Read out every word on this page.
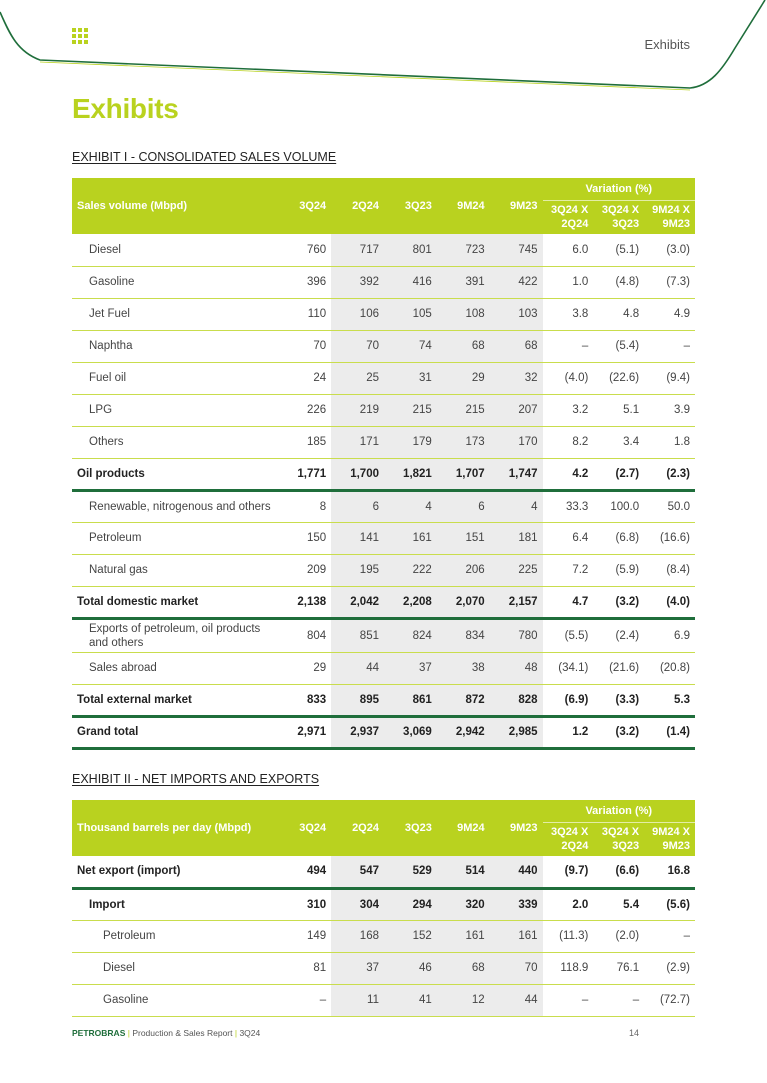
Exhibits
Exhibits
EXHIBIT I - CONSOLIDATED SALES VOLUME
Sales volume (Mbpd)	3Q24	2Q24	3Q23	9M24	9M23	Variation (%)		
						3Q24 X 2Q24	3Q24 X 3Q23	9M24 X 9M23
Diesel	760	717	801	723	745	6.0	(5.1)	(3.0)
Gasoline	396	392	416	391	422	1.0	(4.8)	(7.3)
Jet Fuel	110	106	105	108	103	3.8	4.8	4.9
Naphtha	70	70	74	68	68	–	(5.4)	–
Fuel oil	24	25	31	29	32	(4.0)	(22.6)	(9.4)
LPG	226	219	215	215	207	3.2	5.1	3.9
Others	185	171	179	173	170	8.2	3.4	1.8
Oil products	1,771	1,700	1,821	1,707	1,747	4.2	(2.7)	(2.3)
Renewable, nitrogenous and others	8	6	4	6	4	33.3	100.0	50.0
Petroleum	150	141	161	151	181	6.4	(6.8)	(16.6)
Natural gas	209	195	222	206	225	7.2	(5.9)	(8.4)
Total domestic market	2,138	2,042	2,208	2,070	2,157	4.7	(3.2)	(4.0)
Exports of petroleum, oil products and others	804	851	824	834	780	(5.5)	(2.4)	6.9
Sales abroad	29	44	37	38	48	(34.1)	(21.6)	(20.8)
Total external market	833	895	861	872	828	(6.9)	(3.3)	5.3
Grand total	2,971	2,937	3,069	2,942	2,985	1.2	(3.2)	(1.4)
EXHIBIT II - NET IMPORTS AND EXPORTS
Thousand barrels per day (Mbpd)	3Q24	2Q24	3Q23	9M24	9M23	Variation (%)		
						3Q24 X 2Q24	3Q24 X 3Q23	9M24 X 9M23
Net export (import)	494	547	529	514	440	(9.7)	(6.6)	16.8
Import	310	304	294	320	339	2.0	5.4	(5.6)
Petroleum	149	168	152	161	161	(11.3)	(2.0)	–
Diesel	81	37	46	68	70	118.9	76.1	(2.9)
Gasoline	–	11	41	12	44	–	–	(72.7)
PETROBRAS | Production & Sales Report | 3Q24	14
